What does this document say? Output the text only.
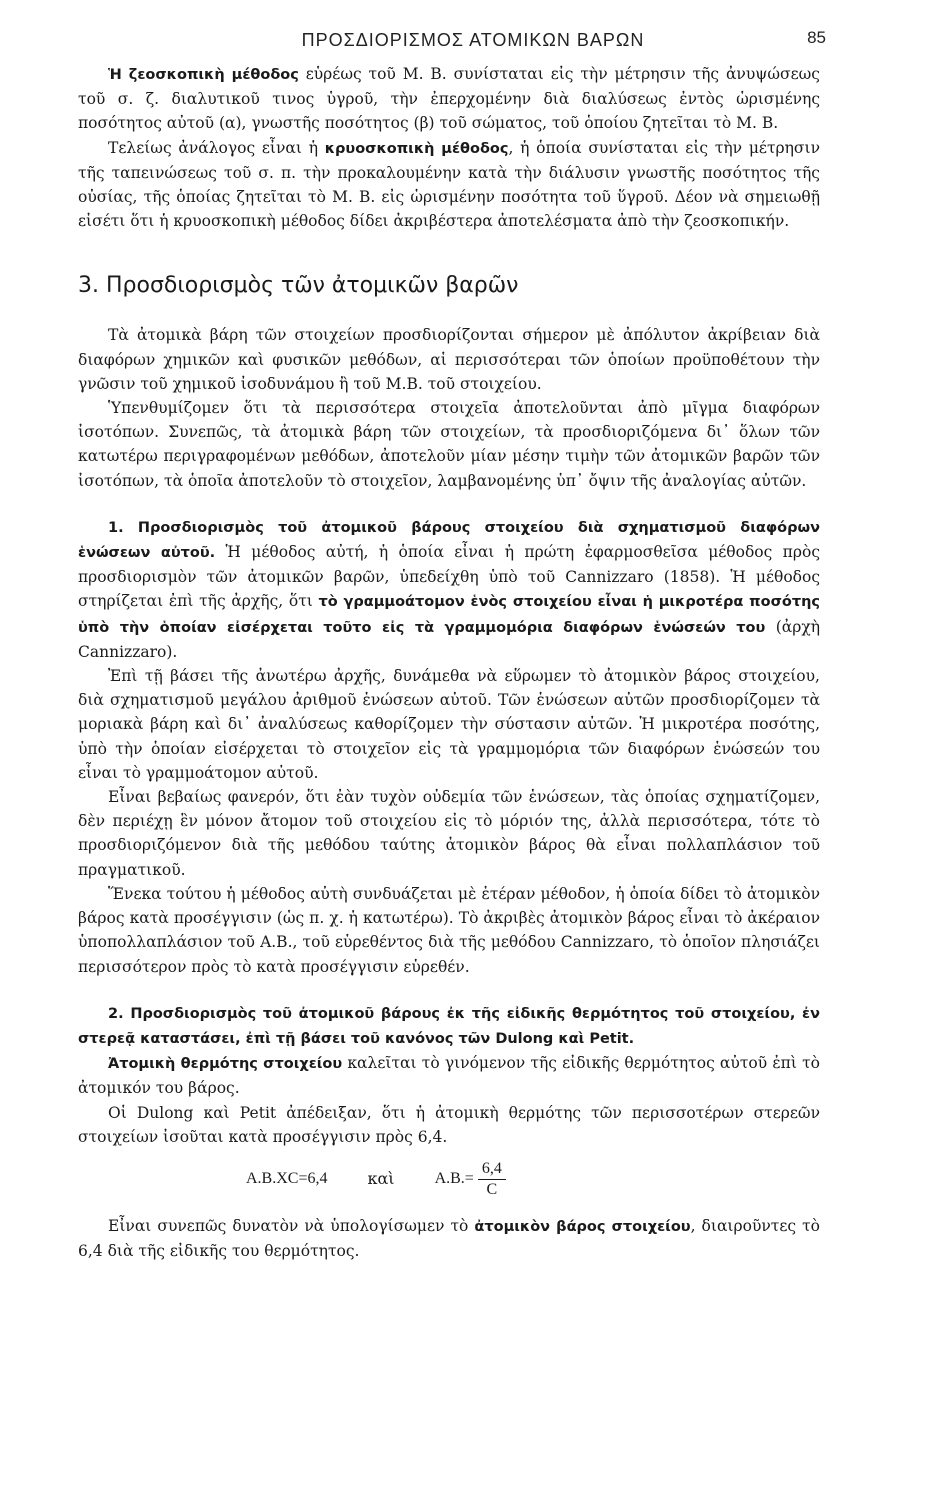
ΠΡΟΣΔΙΟΡΙΣΜΟΣ ΑΤΟΜΙΚΩΝ ΒΑΡΩΝ	85

Ἡ ζεοσκοπικὴ μέθοδος εὑρέως τοῦ Μ. Β. συνίσταται εἰς τὴν μέτρησιν τῆς ἀνυψώσεως τοῦ σ. ζ. διαλυτικοῦ τινος ὑγροῦ, τὴν ἐπερχομένην διὰ διαλύσεως ἐντὸς ὡρισμένης ποσότητος αὐτοῦ (α), γνωστῆς ποσότητος (β) τοῦ σώματος, τοῦ ὁποίου ζητεῖται τὸ Μ. Β.

Τελείως ἀνάλογος εἶναι ἡ κρυοσκοπικὴ μέθοδος, ἡ ὁποία συνίσταται εἰς τὴν μέτρησιν τῆς ταπεινώσεως τοῦ σ. π. τὴν προκαλουμένην κατὰ τὴν διάλυσιν γνωστῆς ποσότητος τῆς οὐσίας, τῆς ὁποίας ζητεῖται τὸ Μ. Β. εἰς ὡρισμένην ποσότητα τοῦ ὕγροῦ. Δέον νὰ σημειωθῇ εἰσέτι ὅτι ἡ κρυοσκοπικὴ μέθοδος δίδει ἀκριβέστερα ἀποτελέσματα ἀπὸ τὴν ζεοσκοπικήν.

3. Προσδιορισμὸς τῶν ἀτομικῶν βαρῶν

Τὰ ἀτομικὰ βάρη τῶν στοιχείων προσδιορίζονται σήμερον μὲ ἀπόλυτον ἀκρίβειαν διὰ διαφόρων χημικῶν καὶ φυσικῶν μεθόδων, αἱ περισσότεραι τῶν ὁποίων προϋποθέτουν τὴν γνῶσιν τοῦ χημικοῦ ἰσοδυνάμου ἢ τοῦ Μ.Β. τοῦ στοιχείου.

Ὑπενθυμίζομεν ὅτι τὰ περισσότερα στοιχεῖα ἀποτελοῦνται ἀπὸ μῖγμα διαφόρων ἰσοτόπων. Συνεπῶς, τὰ ἀτομικὰ βάρη τῶν στοιχείων, τὰ προσδιοριζόμενα δι᾿ ὅλων τῶν κατωτέρω περιγραφομένων μεθόδων, ἀποτελοῦν μίαν μέσην τιμὴν τῶν ἀτομικῶν βαρῶν τῶν ἰσοτόπων, τὰ ὁποῖα ἀποτελοῦν τὸ στοιχεῖον, λαμβανομένης ὑπ᾿ ὄψιν τῆς ἀναλογίας αὐτῶν.

1. Προσδιορισμὸς τοῦ ἀτομικοῦ βάρους στοιχείου διὰ σχηματισμοῦ διαφόρων ἑνώσεων αὐτοῦ. Ἡ μέθοδος αὐτή, ἡ ὁποία εἶναι ἡ πρώτη ἐφαρμοσθεῖσα μέθοδος πρὸς προσδιορισμὸν τῶν ἀτομικῶν βαρῶν, ὑπεδείχθη ὑπὸ τοῦ Cannizzaro (1858). Ἡ μέθοδος στηρίζεται ἐπὶ τῆς ἀρχῆς, ὅτι τὸ γραμμοάτομον ἑνὸς στοιχείου εἶναι ἡ μικροτέρα ποσότης ὑπὸ τὴν ὁποίαν εἰσέρχεται τοῦτο εἰς τὰ γραμμομόρια διαφόρων ἑνώσεών του (ἀρχὴ Cannizzaro).

Ἐπὶ τῇ βάσει τῆς ἀνωτέρω ἀρχῆς, δυνάμεθα νὰ εὕρωμεν τὸ ἀτομικὸν βάρος στοιχείου, διὰ σχηματισμοῦ μεγάλου ἀριθμοῦ ἑνώσεων αὐτοῦ. Τῶν ἑνώσεων αὐτῶν προσδιορίζομεν τὰ μοριακὰ βάρη καὶ δι᾿ ἀναλύσεως καθορίζομεν τὴν σύστασιν αὐτῶν. Ἡ μικροτέρα ποσότης, ὑπὸ τὴν ὁποίαν εἰσέρχεται τὸ στοιχεῖον εἰς τὰ γραμμομόρια τῶν διαφόρων ἑνώσεών του εἶναι τὸ γραμμοάτομον αὐτοῦ.

Εἶναι βεβαίως φανερόν, ὅτι ἐὰν τυχὸν οὐδεμία τῶν ἑνώσεων, τὰς ὁποίας σχηματίζομεν, δὲν περιέχῃ ἓν μόνον ἄτομον τοῦ στοιχείου εἰς τὸ μόριόν της, ἀλλὰ περισσότερα, τότε τὸ προσδιοριζόμενον διὰ τῆς μεθόδου ταύτης ἀτομικὸν βάρος θὰ εἶναι πολλαπλάσιον τοῦ πραγματικοῦ.

Ἕνεκα τούτου ἡ μέθοδος αὐτὴ συνδυάζεται μὲ ἑτέραν μέθοδον, ἡ ὁποία δίδει τὸ ἀτομικὸν βάρος κατὰ προσέγγισιν (ὡς π. χ. ἡ κατωτέρω). Τὸ ἀκριβὲς ἀτομικὸν βάρος εἶναι τὸ ἀκέραιον ὑποπολλαπλάσιον τοῦ Α.Β., τοῦ εὑρεθέντος διὰ τῆς μεθόδου Cannizzaro, τὸ ὁποῖον πλησιάζει περισσότερον πρὸς τὸ κατὰ προσέγγισιν εὑρεθέν.

2. Προσδιορισμὸς τοῦ ἀτομικοῦ βάρους ἐκ τῆς εἰδικῆς θερμότητος τοῦ στοιχείου, ἐν στερεᾷ καταστάσει, ἐπὶ τῇ βάσει τοῦ κανόνος τῶν Dulong καὶ Petit.

Ἀτομικὴ θερμότης στοιχείου καλεῖται τὸ γινόμενον τῆς εἰδικῆς θερμότητος αὐτοῦ ἐπὶ τὸ ἀτομικόν του βάρος.

Οἱ Dulong καὶ Petit ἀπέδειξαν, ὅτι ἡ ἀτομικὴ θερμότης τῶν περισσοτέρων στερεῶν στοιχείων ἰσοῦται κατὰ προσέγγισιν πρὸς 6,4.

Α.Β.ΧC=6,4	καὶ	$A.B.= \frac{6,4}{C}$

Εἶναι συνεπῶς δυνατὸν νὰ ὑπολογίσωμεν τὸ ἀτομικὸν βάρος στοιχείου, διαιροῦντες τὸ 6,4 διὰ τῆς εἰδικῆς του θερμότητος.
